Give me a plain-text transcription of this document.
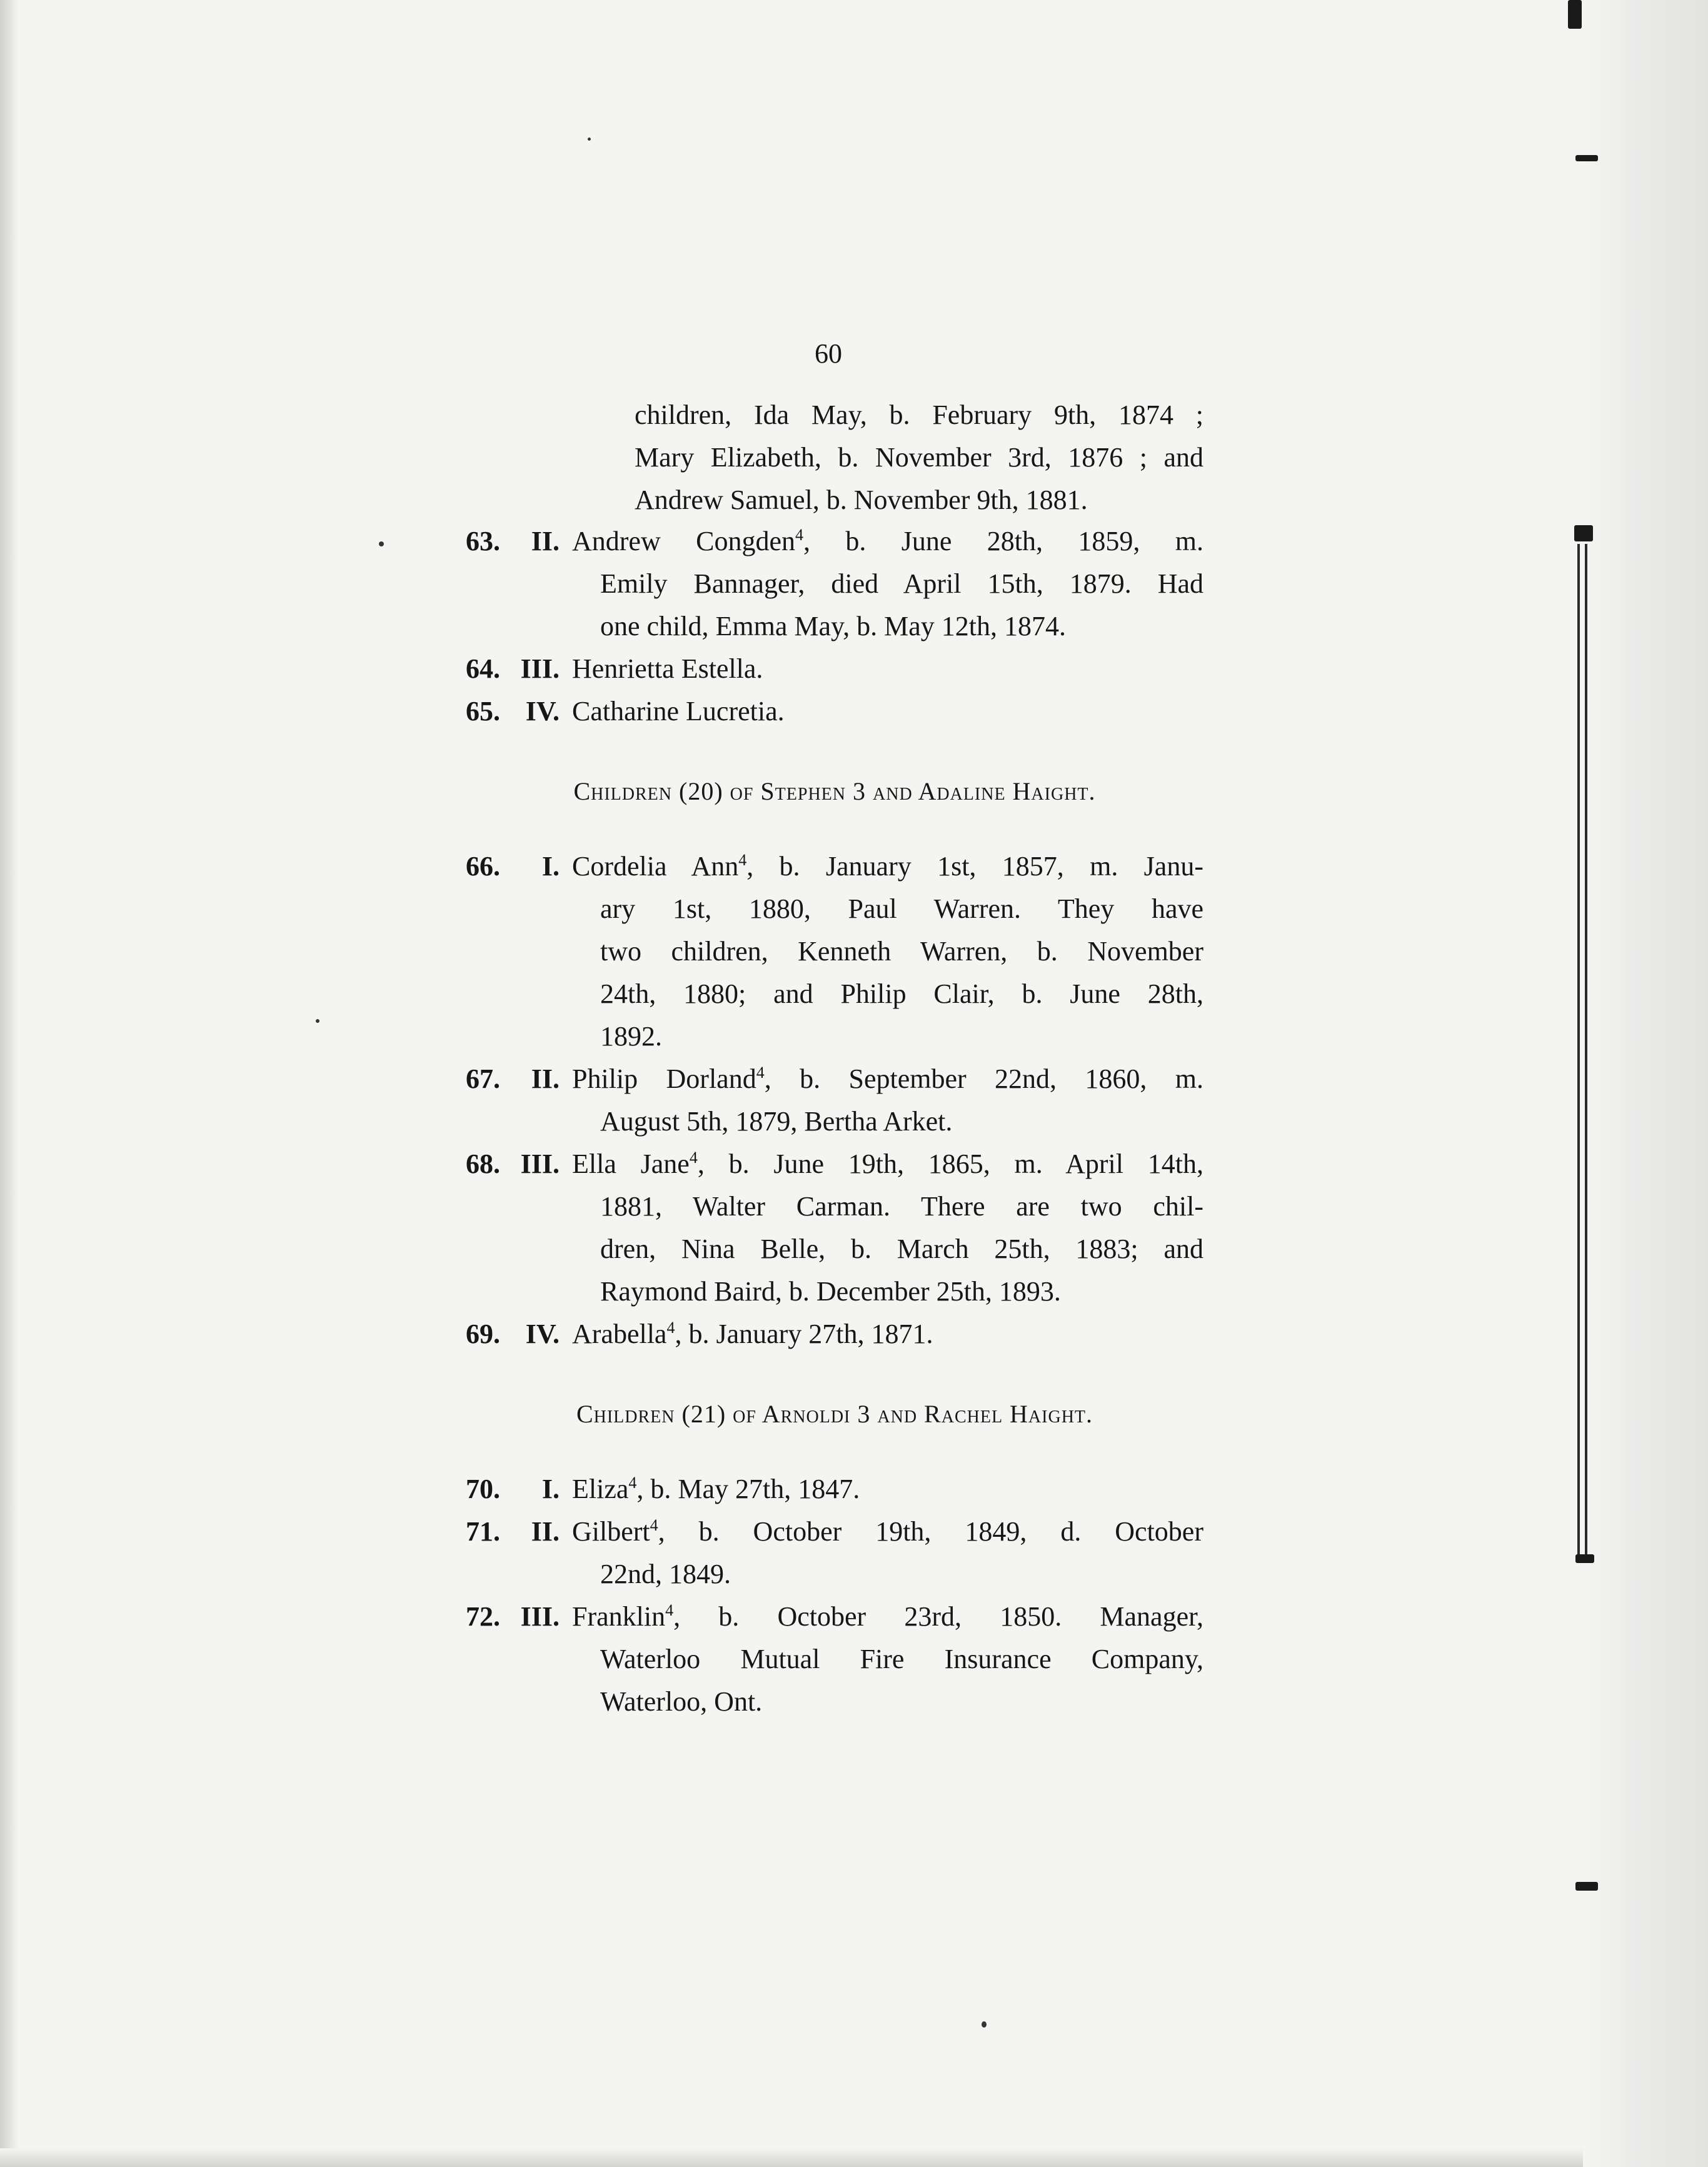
60
children, Ida May, b. February 9th, 1874 ;
Mary Elizabeth, b. November 3rd, 1876 ; and
Andrew Samuel, b. November 9th, 1881.
63.	II. Andrew Congden$^4$, b. June 28th, 1859, m.
Emily Bannager, died April 15th, 1879. Had
one child, Emma May, b. May 12th, 1874.
64. III. Henrietta Estella.
65. IV. Catharine Lucretia.
Children (20) of Stephen 3 and Adaline Haight.
66.	I. Cordelia Ann$^4$, b. January 1st, 1857, m. Janu-
ary 1st, 1880, Paul Warren. They have
two children, Kenneth Warren, b. November
24th, 1880; and Philip Clair, b. June 28th,
1892.
67.	II. Philip Dorland$^4$, b. September 22nd, 1860, m.
August 5th, 1879, Bertha Arket.
68. III. Ella Jane$^4$, b. June 19th, 1865, m. April 14th,
1881, Walter Carman. There are two chil-
dren, Nina Belle, b. March 25th, 1883; and
Raymond Baird, b. December 25th, 1893.
69. IV. Arabella$^4$, b. January 27th, 1871.
Children (21) of Arnoldi 3 and Rachel Haight.
70.	I. Eliza$^4$, b. May 27th, 1847.
71.	II. Gilbert$^4$, b. October 19th, 1849, d. October
22nd, 1849.
72. III. Franklin$^4$, b. October 23rd, 1850. Manager,
Waterloo Mutual Fire Insurance Company,
Waterloo, Ont.
